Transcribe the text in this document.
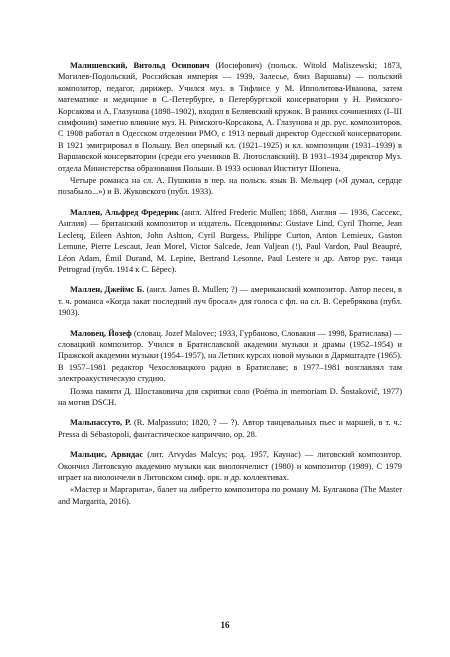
Малишевский, Витольд Осипович (Иосифович) (польск. Witold Maliszewski; 1873, Могилев-Подольский, Российская империя — 1939, Залесье, близ Варшавы) — польский композитор, педагог, дирижер. Учился муз. в Тифлисе у М. Ипполитова-Иванова, затем математике и медицине в С.-Петербурге, в Петербургской консерватории у Н. Римского-Корсакова и А. Глазунова (1898–1902), входил в Беляевский кружок. В ранних сочинениях (I–III симфонии) заметно влияние муз. Н. Римского-Корсакова, А. Глазунова и др. рус. композиторов. С 1908 работал в Одесском отделении РМО, с 1913 первый директор Одесской консерватории. В 1921 эмигрировал в Польшу. Вел оперный кл. (1921–1925) и кл. композиции (1931–1939) в Варшавской консерватории (среди его учеников В. Лютославский). В 1931–1934 директор Муз. отдела Министерства образования Польши. В 1933 основал Институт Шопена.

Четыре романса на сл. А. Пушкина в пер. на польск. язык В. Мельцер («Я думал, сердце позабыло...») и В. Жуковского (публ. 1933).

Маллен, Альфред Фредерик (англ. Alfred Frederic Mullen; 1868, Англия — 1936, Сассекс, Англия) — британский композитор и издатель. Псевдонимы: Gustave Lind, Cyril Thorne, Jean Leclerq, Eileen Ashton, John Ashton, Cyril Burgess, Philippe Curton, Anton Lemieux, Gaston Lemune, Pierre Lescaut, Jean Morel, Victor Salcede, Jean Valjean (!), Paul Vardon, Paul Beaupré, Léon Adam, Émil Durand, M. Lepine, Bertrand Lesonne, Paul Lestere и др. Автор рус. танца Petrograd (публ. 1914 к С. Бёрес).

Маллен, Джеймс Б. (англ. James B. Mullen; ?) — американский композитор. Автор песен, в т. ч. романса «Когда закат последний луч бросал» для голоса с фп. на сл. В. Серебрякова (публ. 1903).

Маловец, Йозеф (словац. Jozef Malovec; 1933, Гурбаново, Словакия — 1998, Братислава) — словацкий композитор. Учился в Братиславской академии музыки и драмы (1952–1954) и Пражской академии музыки (1954–1957), на Летних курсах новой музыки в Дармштадте (1965). В 1957–1981 редактор Чехословацкого радио в Братиславе; в 1977–1981 возглавлял там электроакустическую студию.

Поэма памяти Д. Шостаковича для скрипки соло (Poéma in memoriam D. Šostakovič, 1977) на мотив DSCH.

Мальпассуто, Р. (R. Malpassuto; 1820, ? — ?). Автор танцевальных пьес и маршей, в т. ч.: Pressa di Sébastopoli, фантастическое каприччио, ор. 28.

Мальцис, Арвидас (лит. Arvydas Malcys; род. 1957, Каунас) — литовский композитор. Окончил Литовскую академию музыки как виолончелист (1980) и композитор (1989). С 1979 играет на виолончели в Литовском симф. орк. и др. коллективах.

«Мастер и Маргарита», балет на либретто композитора по роману М. Булгакова (The Master and Margarita, 2016).

16
